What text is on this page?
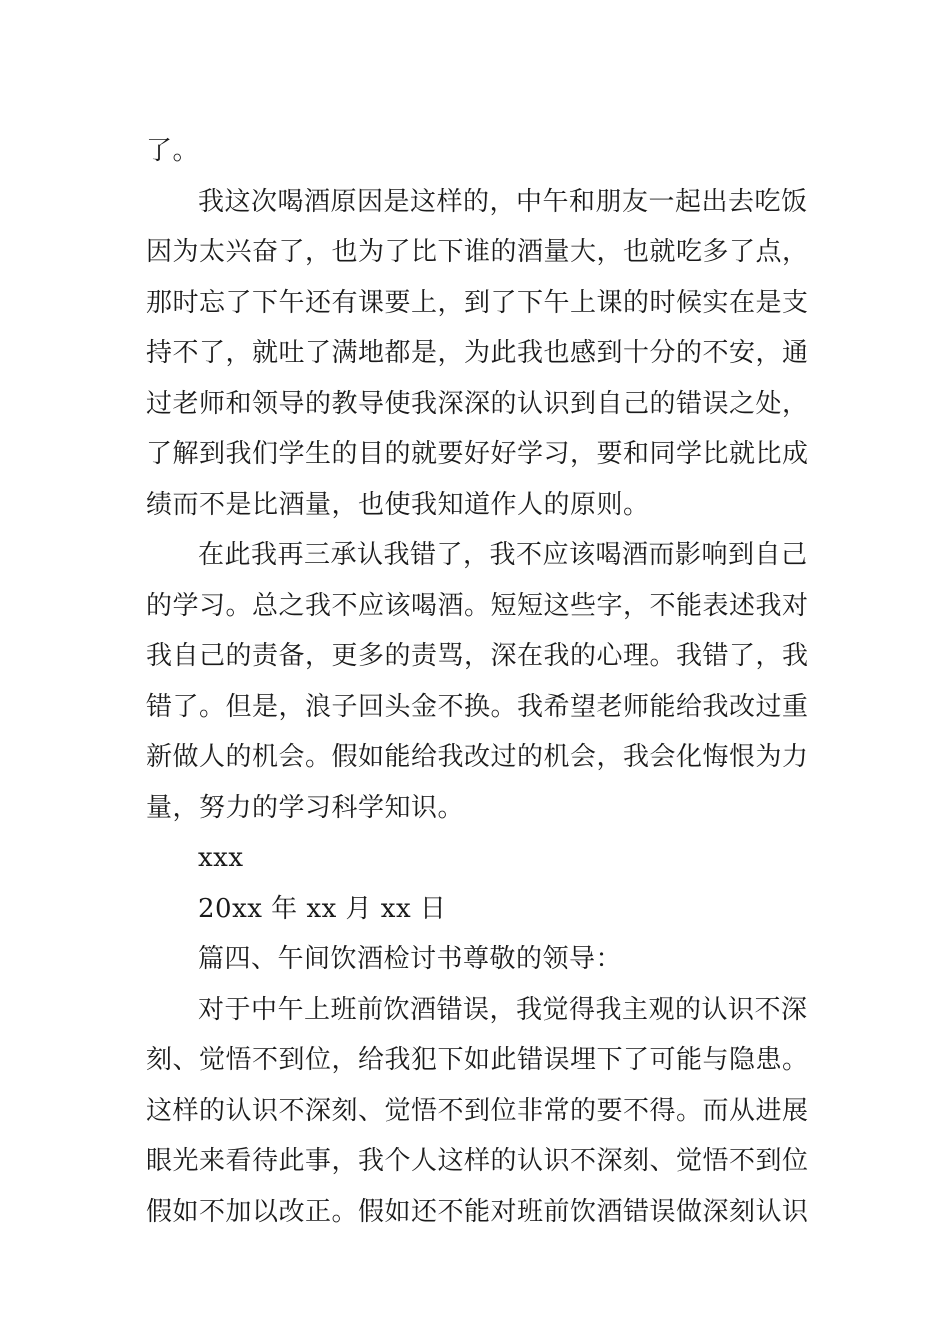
了。
我这次喝酒原因是这样的，中午和朋友一起出去吃饭
因为太兴奋了，也为了比下谁的酒量大，也就吃多了点，
那时忘了下午还有课要上，到了下午上课的时候实在是支
持不了，就吐了满地都是，为此我也感到十分的不安，通
过老师和领导的教导使我深深的认识到自己的错误之处，
了解到我们学生的目的就要好好学习，要和同学比就比成
绩而不是比酒量，也使我知道作人的原则。
在此我再三承认我错了，我不应该喝酒而影响到自己
的学习。总之我不应该喝酒。短短这些字，不能表述我对
我自己的责备，更多的责骂，深在我的心理。我错了，我
错了。但是，浪子回头金不换。我希望老师能给我改过重
新做人的机会。假如能给我改过的机会，我会化悔恨为力
量，努力的学习科学知识。
xxx
20xx 年 xx 月 xx 日
篇四、午间饮酒检讨书尊敬的领导：
对于中午上班前饮酒错误，我觉得我主观的认识不深
刻、觉悟不到位，给我犯下如此错误埋下了可能与隐患。
这样的认识不深刻、觉悟不到位非常的要不得。而从进展
眼光来看待此事，我个人这样的认识不深刻、觉悟不到位
假如不加以改正。假如还不能对班前饮酒错误做深刻认识
